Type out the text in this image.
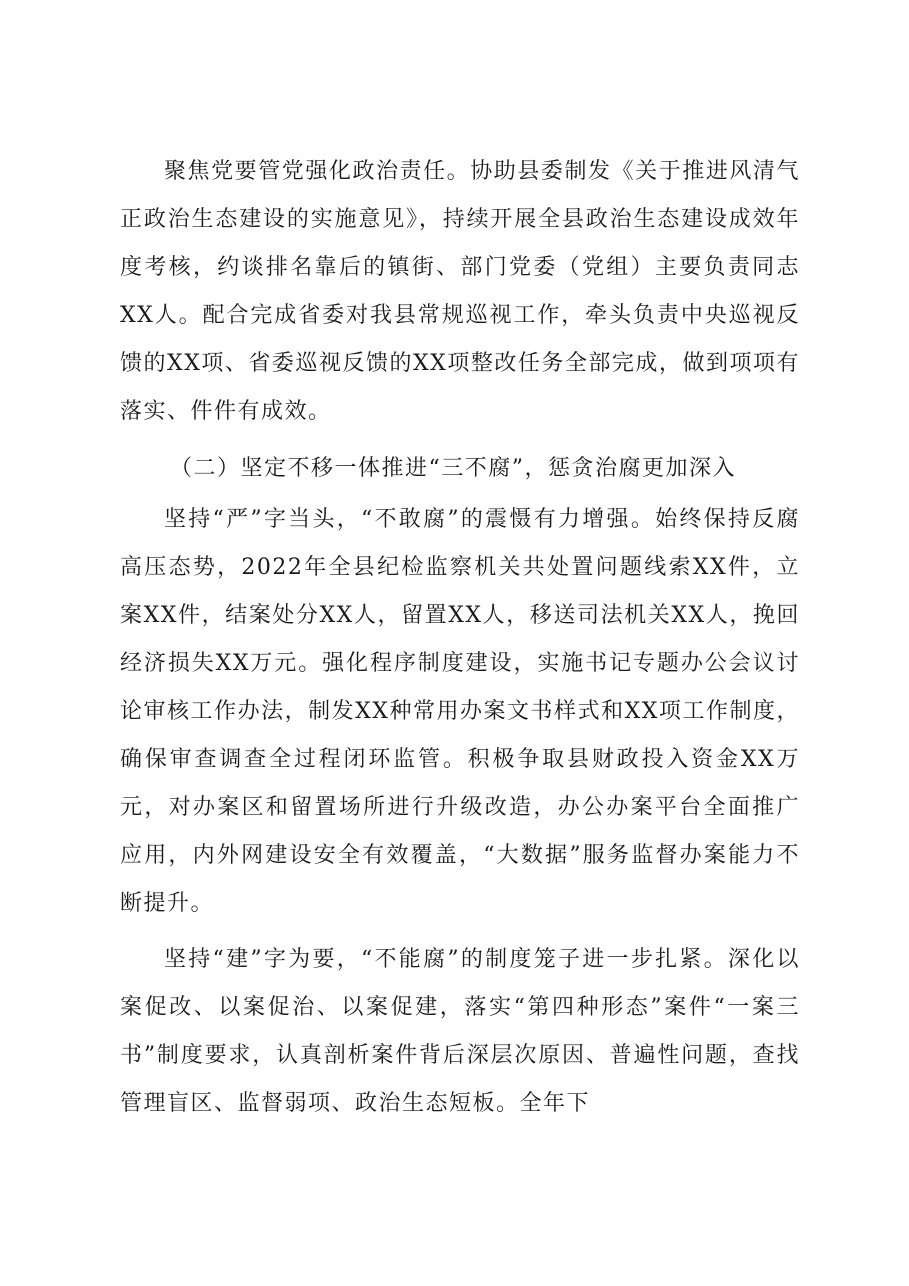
聚焦党要管党强化政治责任。协助县委制发《关于推进风清气正政治生态建设的实施意见》，持续开展全县政治生态建设成效年度考核，约谈排名靠后的镇街、部门党委（党组）主要负责同志XX人。配合完成省委对我县常规巡视工作，牵头负责中央巡视反馈的XX项、省委巡视反馈的XX项整改任务全部完成，做到项项有落实、件件有成效。

（二）坚定不移一体推进“三不腐”，惩贪治腐更加深入

坚持“严”字当头，“不敢腐”的震慑有力增强。始终保持反腐高压态势，2022年全县纪检监察机关共处置问题线索XX件，立案XX件，结案处分XX人，留置XX人，移送司法机关XX人，挽回经济损失XX万元。强化程序制度建设，实施书记专题办公会议讨论审核工作办法，制发XX种常用办案文书样式和XX项工作制度，确保审查调查全过程闭环监管。积极争取县财政投入资金XX万元，对办案区和留置场所进行升级改造，办公办案平台全面推广应用，内外网建设安全有效覆盖，“大数据”服务监督办案能力不断提升。

坚持“建”字为要，“不能腐”的制度笼子进一步扎紧。深化以案促改、以案促治、以案促建，落实“第四种形态”案件“一案三书”制度要求，认真剖析案件背后深层次原因、普遍性问题，查找管理盲区、监督弱项、政治生态短板。全年下
